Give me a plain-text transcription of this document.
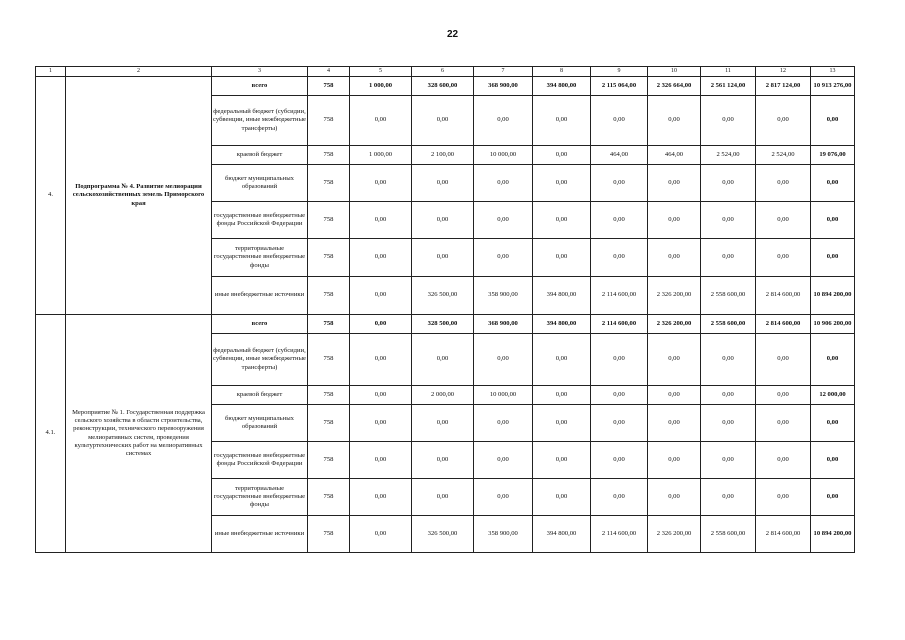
22
1	2	3	4	5	6	7	8	9	10	11	12	13
4.	Подпрограмма № 4. Развитие мелиорации сельскохозяйственных земель Приморского края	всего	758	1 000,00	328 600,00	368 900,00	394 800,00	2 115 064,00	2 326 664,00	2 561 124,00	2 817 124,00	10 913 276,00
		федеральный бюджет (субсидии, субвенции, иные межбюджетные трансферты)	758	0,00	0,00	0,00	0,00	0,00	0,00	0,00	0,00	0,00
		краевой бюджет	758	1 000,00	2 100,00	10 000,00	0,00	464,00	464,00	2 524,00	2 524,00	19 076,00
		бюджет муниципальных образований	758	0,00	0,00	0,00	0,00	0,00	0,00	0,00	0,00	0,00
		государственные внебюджетные фонды Российской Федерации	758	0,00	0,00	0,00	0,00	0,00	0,00	0,00	0,00	0,00
		территориальные государственные внебюджетные фонды	758	0,00	0,00	0,00	0,00	0,00	0,00	0,00	0,00	0,00
		иные внебюджетные источники	758	0,00	326 500,00	358 900,00	394 800,00	2 114 600,00	2 326 200,00	2 558 600,00	2 814 600,00	10 894 200,00
4.1.	Мероприятие № 1. Государственная поддержка сельского хозяйства в области строительства, реконструкции, технического перевооружения мелиоративных систем, проведения культуртехнических работ на мелиоративных системах	всего	758	0,00	328 500,00	368 900,00	394 800,00	2 114 600,00	2 326 200,00	2 558 600,00	2 814 600,00	10 906 200,00
		федеральный бюджет (субсидии, субвенции, иные межбюджетные трансферты)	758	0,00	0,00	0,00	0,00	0,00	0,00	0,00	0,00	0,00
		краевой бюджет	758	0,00	2 000,00	10 000,00	0,00	0,00	0,00	0,00	0,00	12 000,00
		бюджет муниципальных образований	758	0,00	0,00	0,00	0,00	0,00	0,00	0,00	0,00	0,00
		государственные внебюджетные фонды Российской Федерации	758	0,00	0,00	0,00	0,00	0,00	0,00	0,00	0,00	0,00
		территориальные государственные внебюджетные фонды	758	0,00	0,00	0,00	0,00	0,00	0,00	0,00	0,00	0,00
		иные внебюджетные источники	758	0,00	326 500,00	358 900,00	394 800,00	2 114 600,00	2 326 200,00	2 558 600,00	2 814 600,00	10 894 200,00
